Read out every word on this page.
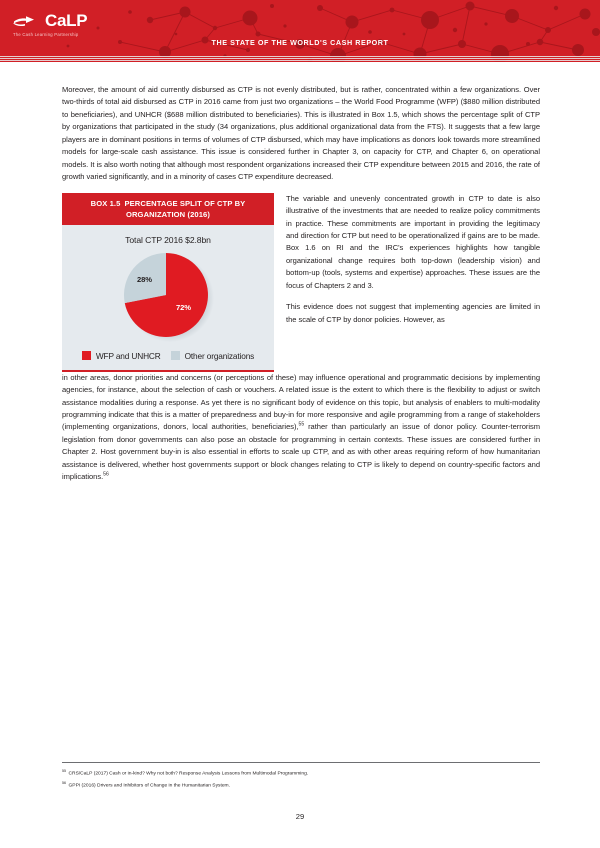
CaLP
The Cash Learning Partnership
THE STATE OF THE WORLD'S CASH REPORT

Moreover, the amount of aid currently disbursed as CTP is not evenly distributed, but is rather, concentrated within a few organizations. Over two-thirds of total aid disbursed as CTP in 2016 came from just two organizations – the World Food Programme (WFP) ($880 million distributed to beneficiaries), and UNHCR ($688 million distributed to beneficiaries). This is illustrated in Box 1.5, which shows the percentage split of CTP by organizations that participated in the study (34 organizations, plus additional organizational data from the FTS). It suggests that a few large players are in dominant positions in terms of volumes of CTP disbursed, which may have implications as donors look towards more streamlined models for large-scale cash assistance. This issue is considered further in Chapter 3, on capacity for CTP, and Chapter 6, on operational models. It is also worth noting that although most respondent organizations increased their CTP expenditure between 2015 and 2016, the rate of growth varied significantly, and in a minority of cases CTP expenditure decreased.

BOX 1.5 PERCENTAGE SPLIT OF CTP BY ORGANIZATION (2016)
Total CTP 2016 $2.8bn
72%
28%
WFP and UNHCR	Other organizations

The variable and unevenly concentrated growth in CTP to date is also illustrative of the investments that are needed to realize policy commitments in practice. These commitments are important in providing the legitimacy and direction for CTP but need to be operationalized if gains are to be made. Box 1.6 on RI and the IRC's experiences highlights how tangible organizational change requires both top-down (leadership vision) and bottom-up (tools, systems and expertise) approaches. These issues are the focus of Chapters 2 and 3.

This evidence does not suggest that implementing agencies are limited in the scale of CTP by donor policies. However, as

in other areas, donor priorities and concerns (or perceptions of these) may influence operational and programmatic decisions by implementing agencies, for instance, about the selection of cash or vouchers. A related issue is the extent to which there is the flexibility to adjust or switch assistance modalities during a response. As yet there is no significant body of evidence on this topic, but analysis of enablers to multi-modality programming indicate that this is a matter of preparedness and buy-in for more responsive and agile programming from a range of stakeholders (implementing organizations, donors, local authorities, beneficiaries),$^{55}$ rather than particularly an issue of donor policy. Counter-terrorism legislation from donor governments can also pose an obstacle for programming in certain contexts. These issues are considered further in Chapter 2. Host government buy-in is also essential in efforts to scale up CTP, and as with other areas requiring reform of how humanitarian assistance is delivered, whether host governments support or block changes relating to CTP is likely to depend on country-specific factors and implications.$^{56}$

$^{55}$CRS/CaLP (2017) Cash or in-kind? Why not both? Response Analysis Lessons from Multimodal Programming.
$^{56}$GPPI (2016) Drivers and Inhibitors of Change in the Humanitarian System.
29
